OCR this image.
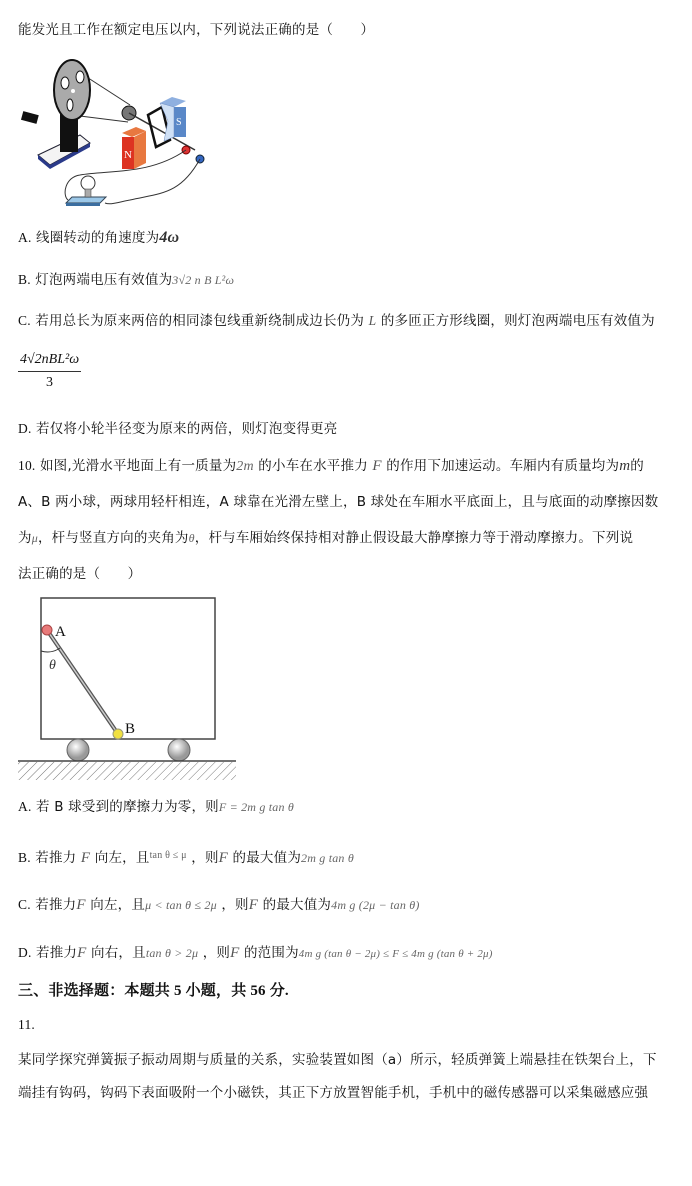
能发光且工作在额定电压以内，下列说法正确的是（　　）
N
S
A. 线圈转动的角速度为4ω
B. 灯泡两端电压有效值为3√2 n B L²ω
C. 若用总长为原来两倍的相同漆包线重新绕制成边长仍为 L 的多匝正方形线圈，则灯泡两端电压有效值为
4√2nBL²ω
3
D. 若仅将小轮半径变为原来的两倍，则灯泡变得更亮
10. 如图,光滑水平地面上有一质量为2m 的小车在水平推力 F 的作用下加速运动。车厢内有质量均为m的
A、B 两小球，两球用轻杆相连，A 球靠在光滑左壁上，B 球处在车厢水平底面上，且与底面的动摩擦因数
为μ，杆与竖直方向的夹角为θ，杆与车厢始终保持相对静止假设最大静摩擦力等于滑动摩擦力。下列说
法正确的是（　　）
A
B
θ
A. 若 B 球受到的摩擦力为零，则F = 2m g tan θ
B. 若推力 F 向左，且$^{tan \theta \le \mu}$ ，则F 的最大值为2m g tan θ
C. 若推力F 向左，且μ < tan θ ≤ 2μ ，则F 的最大值为4m g (2μ − tan θ)
D. 若推力F 向右，且tan θ > 2μ ，则F 的范围为4m g (tan θ − 2μ) ≤ F ≤ 4m g (tan θ + 2μ)
三、非选择题：本题共 5 小题，共 56 分.
11.
某同学探究弹簧振子振动周期与质量的关系，实验装置如图（a）所示，轻质弹簧上端悬挂在铁架台上，下
端挂有钩码，钩码下表面吸附一个小磁铁，其正下方放置智能手机，手机中的磁传感器可以采集磁感应强
